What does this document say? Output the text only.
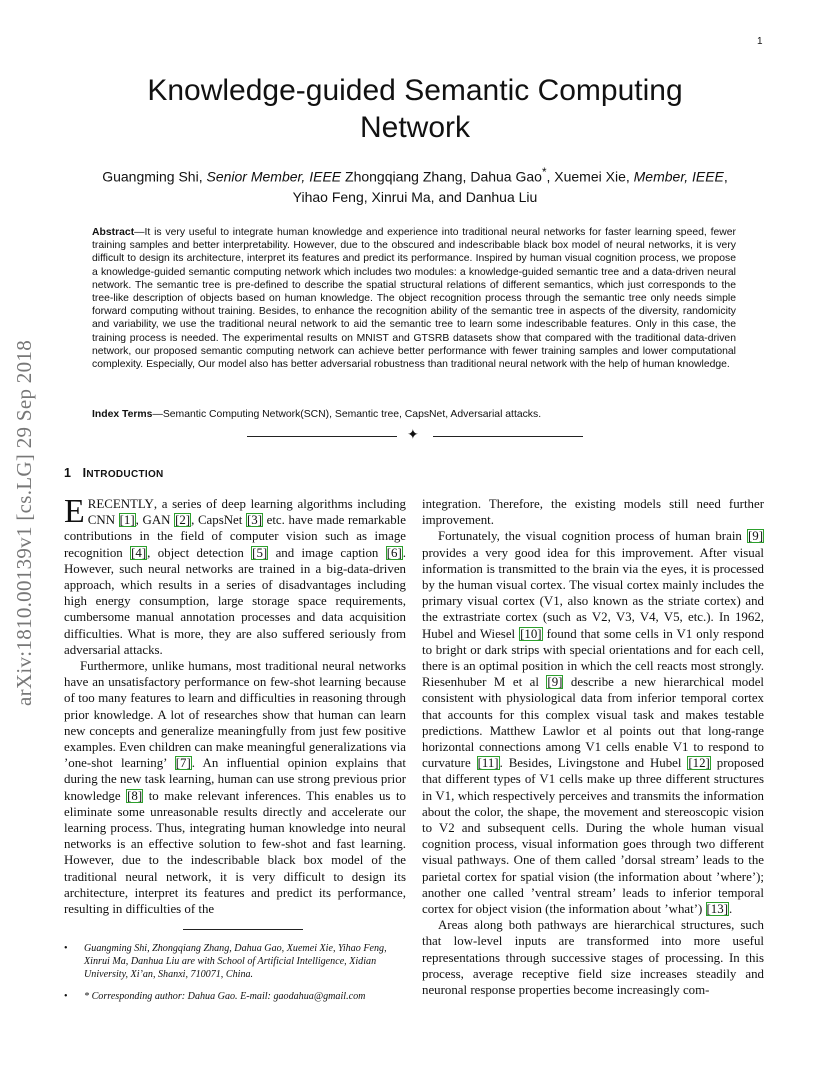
1
arXiv:1810.00139v1 [cs.LG] 29 Sep 2018
Knowledge-guided Semantic Computing Network
Guangming Shi, Senior Member, IEEE Zhongqiang Zhang, Dahua Gao*, Xuemei Xie, Member, IEEE,
Yihao Feng, Xinrui Ma, and Danhua Liu
Abstract—It is very useful to integrate human knowledge and experience into traditional neural networks for faster learning speed, fewer training samples and better interpretability. However, due to the obscured and indescribable black box model of neural networks, it is very difficult to design its architecture, interpret its features and predict its performance. Inspired by human visual cognition process, we propose a knowledge-guided semantic computing network which includes two modules: a knowledge-guided semantic tree and a data-driven neural network. The semantic tree is pre-defined to describe the spatial structural relations of different semantics, which just corresponds to the tree-like description of objects based on human knowledge. The object recognition process through the semantic tree only needs simple forward computing without training. Besides, to enhance the recognition ability of the semantic tree in aspects of the diversity, randomicity and variability, we use the traditional neural network to aid the semantic tree to learn some indescribable features. Only in this case, the training process is needed. The experimental results on MNIST and GTSRB datasets show that compared with the traditional data-driven network, our proposed semantic computing network can achieve better performance with fewer training samples and lower computational complexity. Especially, Our model also has better adversarial robustness than traditional neural network with the help of human knowledge.
Index Terms—Semantic Computing Network(SCN), Semantic tree, CapsNet, Adversarial attacks.
✦
1 INTRODUCTION

ERECENTLY, a series of deep learning algorithms including CNN [1], GAN [2], CapsNet [3] etc. have made remarkable contributions in the field of computer vision such as image recognition [4], object detection [5] and image caption [6]. However, such neural networks are trained in a big-data-driven approach, which results in a series of disadvantages including high energy consumption, large storage space requirements, cumbersome manual annotation processes and data acquisition difficulties. What is more, they are also suffered seriously from adversarial attacks.

Furthermore, unlike humans, most traditional neural networks have an unsatisfactory performance on few-shot learning because of too many features to learn and difficulties in reasoning through prior knowledge. A lot of researches show that human can learn new concepts and generalize meaningfully from just few positive examples. Even children can make meaningful generalizations via ’one-shot learning’ [7]. An influential opinion explains that during the new task learning, human can use strong previous prior knowledge [8] to make relevant inferences. This enables us to eliminate some unreasonable results directly and accelerate our learning process. Thus, integrating human knowledge into neural networks is an effective solution to few-shot and fast learning. However, due to the indescribable black box model of the traditional neural network, it is very difficult to design its architecture, interpret its features and predict its performance, resulting in difficulties of the

• Guangming Shi, Zhongqiang Zhang, Dahua Gao, Xuemei Xie, Yihao Feng, Xinrui Ma, Danhua Liu are with School of Artificial Intelligence, Xidian University, Xi’an, Shanxi, 710071, China.
• * Corresponding author: Dahua Gao. E-mail: gaodahua@gmail.com

integration. Therefore, the existing models still need further improvement.

Fortunately, the visual cognition process of human brain [9] provides a very good idea for this improvement. After visual information is transmitted to the brain via the eyes, it is processed by the human visual cortex. The visual cortex mainly includes the primary visual cortex (V1, also known as the striate cortex) and the extrastriate cortex (such as V2, V3, V4, V5, etc.). In 1962, Hubel and Wiesel [10] found that some cells in V1 only respond to bright or dark strips with special orientations and for each cell, there is an optimal position in which the cell reacts most strongly. Riesenhuber M et al [9] describe a new hierarchical model consistent with physiological data from inferior temporal cortex that accounts for this complex visual task and makes testable predictions. Matthew Lawlor et al points out that long-range horizontal connections among V1 cells enable V1 to respond to curvature [11]. Besides, Livingstone and Hubel [12] proposed that different types of V1 cells make up three different structures in V1, which respectively perceives and transmits the information about the color, the shape, the movement and stereoscopic vision to V2 and subsequent cells. During the whole human visual cognition process, visual information goes through two different visual pathways. One of them called ’dorsal stream’ leads to the parietal cortex for spatial vision (the information about ’where’); another one called ’ventral stream’ leads to inferior temporal cortex for object vision (the information about ’what’) [13].

Areas along both pathways are hierarchical structures, such that low-level inputs are transformed into more useful representations through successive stages of processing. In this process, average receptive field size increases steadily and neuronal response properties become increasingly com-
